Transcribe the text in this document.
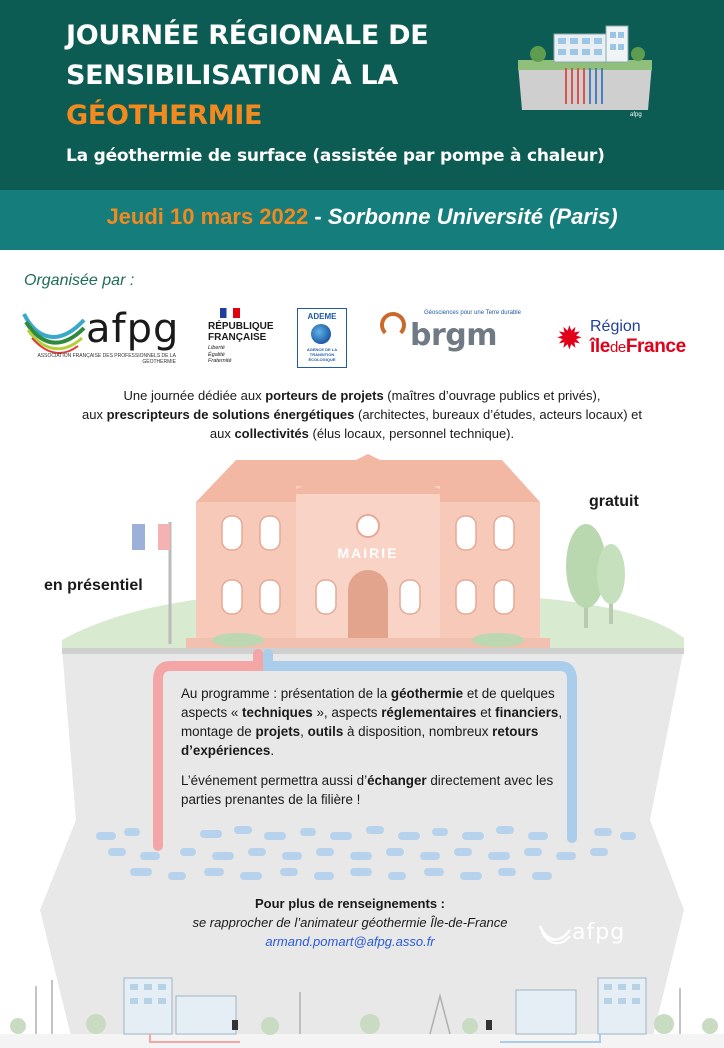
JOURNÉE RÉGIONALE DE
SENSIBILISATION À LA
GÉOTHERMIE
La géothermie de surface (assistée par pompe à chaleur)
afpg
Jeudi 10 mars 2022 - Sorbonne Université (Paris)
Organisée par :
afpg
ASSOCIATION FRANÇAISE DES PROFESSIONNELS DE LA GÉOTHERMIE
RÉPUBLIQUE
FRANÇAISE
Liberté
Égalité
Fraternité
ADEME
AGENCE DE LA TRANSITION ÉCOLOGIQUE
Géosciences pour une Terre durable
brgm ✹ Région
îledeFrance
Une journée dédiée aux porteurs de projets (maîtres d’ouvrage publics et privés),
aux prescripteurs de solutions énergétiques (architectes, bureaux d’études, acteurs locaux) et
aux collectivités (élus locaux, personnel technique).
MAIRIE
gratuit
en présentiel

Au programme : présentation de la géothermie et de quelques aspects « techniques », aspects réglementaires et financiers, montage de projets, outils à disposition, nombreux retours d’expériences.

L’événement permettra aussi d’échanger directement avec les parties prenantes de la filière !

Pour plus de renseignements :
se rapprocher de l’animateur géothermie Île-de-France
armand.pomart@afpg.asso.fr	afpg
